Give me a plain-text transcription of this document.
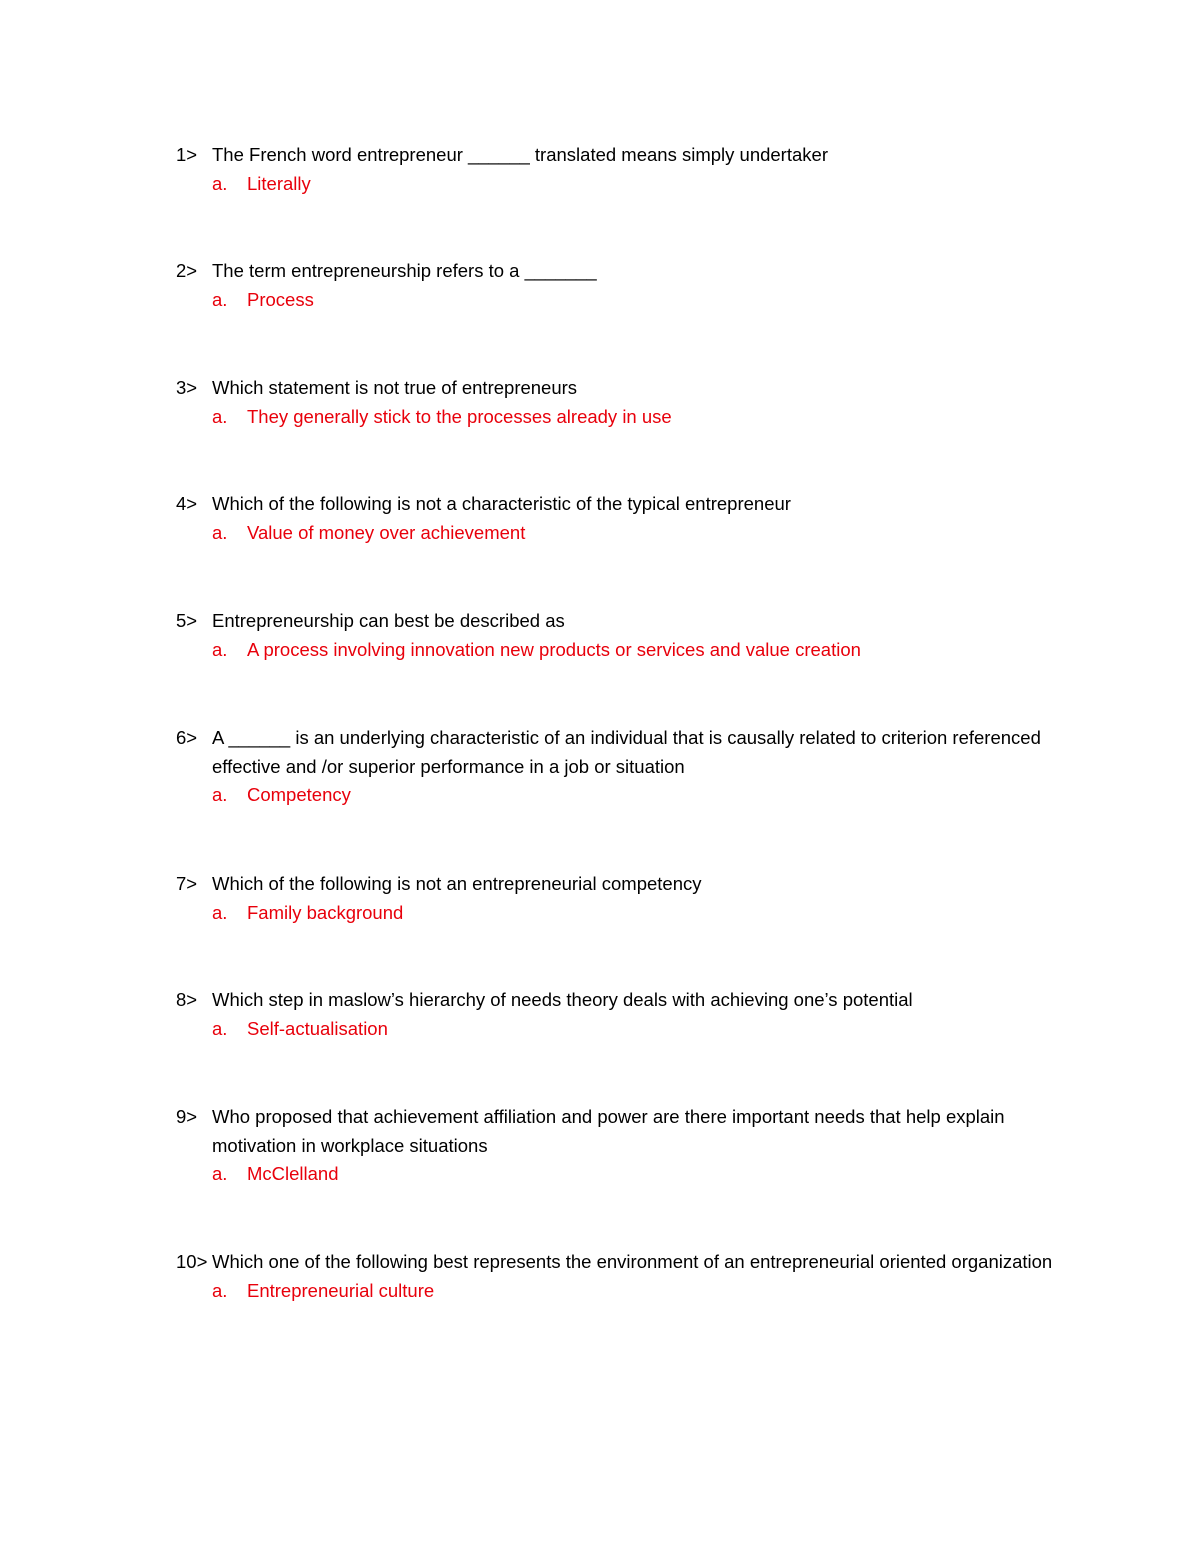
1> The French word entrepreneur ______ translated means simply undertaker
a.	Literally
2> The term entrepreneurship refers to a _______
a.	Process
3> Which statement is not true of entrepreneurs
a.	They generally stick to the processes already in use
4> Which of the following is not a characteristic of the typical entrepreneur
a.	Value of money over achievement
5> Entrepreneurship can best be described as
a.	A process involving innovation new products or services and value creation
6> A ______ is an underlying characteristic of an individual that is causally related to criterion referenced effective and /or superior performance in a job or situation
a.	Competency
7> Which of the following is not an entrepreneurial competency
a.	Family background
8> Which step in maslow’s hierarchy of needs theory deals with achieving one’s potential
a.	Self-actualisation
9> Who proposed that achievement affiliation and power are there important needs that help explain motivation in workplace situations
a.	McClelland
10> Which one of the following best represents the environment of an entrepreneurial oriented organization
a.	Entrepreneurial culture
